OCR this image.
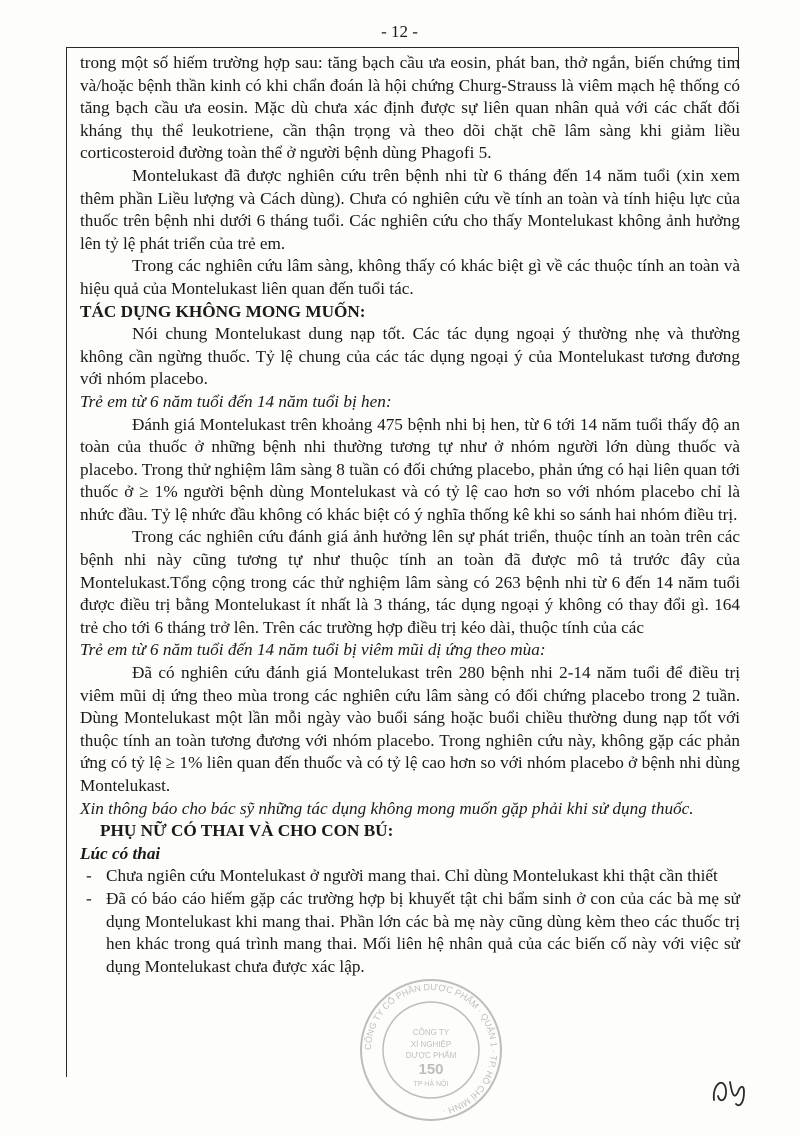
- 12 -

trong một số hiếm trường hợp sau: tăng bạch cầu ưa eosin, phát ban, thở ngắn, biến chứng tim và/hoặc bệnh thần kinh có khi chẩn đoán là hội chứng Churg-Strauss là viêm mạch hệ thống có tăng bạch cầu ưa eosin. Mặc dù chưa xác định được sự liên quan nhân quả với các chất đối kháng thụ thể leukotriene, cần thận trọng và theo dõi chặt chẽ lâm sàng khi giảm liều corticosteroid đường toàn thể ở người bệnh dùng Phagofi 5.

Montelukast đã được nghiên cứu trên bệnh nhi từ 6 tháng đến 14 năm tuổi (xin xem thêm phần Liều lượng và Cách dùng). Chưa có nghiên cứu về tính an toàn và tính hiệu lực của thuốc trên bệnh nhi dưới 6 tháng tuổi. Các nghiên cứu cho thấy Montelukast không ảnh hưởng lên tỷ lệ phát triển của trẻ em.

Trong các nghiên cứu lâm sàng, không thấy có khác biệt gì về các thuộc tính an toàn và hiệu quả của Montelukast liên quan đến tuổi tác.

TÁC DỤNG KHÔNG MONG MUỐN:

Nói chung Montelukast dung nạp tốt. Các tác dụng ngoại ý thường nhẹ và thường không cần ngừng thuốc. Tỷ lệ chung của các tác dụng ngoại ý của Montelukast tương đương với nhóm placebo.

Trẻ em từ 6 năm tuổi đến 14 năm tuổi bị hen:

Đánh giá Montelukast trên khoảng 475 bệnh nhi bị hen, từ 6 tới 14 năm tuổi thấy độ an toàn của thuốc ở những bệnh nhi thường tương tự như ở nhóm người lớn dùng thuốc và placebo. Trong thử nghiệm lâm sàng 8 tuần có đối chứng placebo, phản ứng có hại liên quan tới thuốc ở ≥ 1% người bệnh dùng Montelukast và có tỷ lệ cao hơn so với nhóm placebo chỉ là nhức đầu. Tỷ lệ nhức đầu không có khác biệt có ý nghĩa thống kê khi so sánh hai nhóm điều trị.

Trong các nghiên cứu đánh giá ảnh hưởng lên sự phát triển, thuộc tính an toàn trên các bệnh nhi này cũng tương tự như thuộc tính an toàn đã được mô tả trước đây của Montelukast.Tổng cộng trong các thử nghiệm lâm sàng có 263 bệnh nhi từ 6 đến 14 năm tuổi được điều trị bằng Montelukast ít nhất là 3 tháng, tác dụng ngoại ý không có thay đổi gì. 164 trẻ cho tới 6 tháng trở lên. Trên các trường hợp điều trị kéo dài, thuộc tính của các

Trẻ em từ 6 năm tuổi đến 14 năm tuổi bị viêm mũi dị ứng theo mùa:

Đã có nghiên cứu đánh giá Montelukast trên 280 bệnh nhi 2-14 năm tuổi để điều trị viêm mũi dị ứng theo mùa trong các nghiên cứu lâm sàng có đối chứng placebo trong 2 tuần. Dùng Montelukast một lần mỗi ngày vào buổi sáng hoặc buổi chiều thường dung nạp tốt với thuộc tính an toàn tương đương với nhóm placebo. Trong nghiên cứu này, không gặp các phản ứng có tỷ lệ ≥ 1% liên quan đến thuốc và có tỷ lệ cao hơn so với nhóm placebo ở bệnh nhi dùng Montelukast.

Xin thông báo cho bác sỹ những tác dụng không mong muốn gặp phải khi sử dụng thuốc.

PHỤ NỮ CÓ THAI VÀ CHO CON BÚ:

Lúc có thai

- Chưa ngiên cứu Montelukast ở người mang thai. Chỉ dùng Montelukast khi thật cần thiết
- Đã có báo cáo hiếm gặp các trường hợp bị khuyết tật chi bẩm sinh ở con của các bà mẹ sử dụng Montelukast khi mang thai. Phần lớn các bà mẹ này cũng dùng kèm theo các thuốc trị hen khác trong quá trình mang thai. Mối liên hệ nhân quả của các biến cố này với việc sử dụng Montelukast chưa được xác lập.
CÔNG TY CỔ PHẦN DƯỢC PHẨM · QUẬN 1 · TP. HỒ CHÍ MINH ·
CÔNG TY
XÍ NGHIỆP
DƯỢC PHẨM
150
TP HÀ NỘI
